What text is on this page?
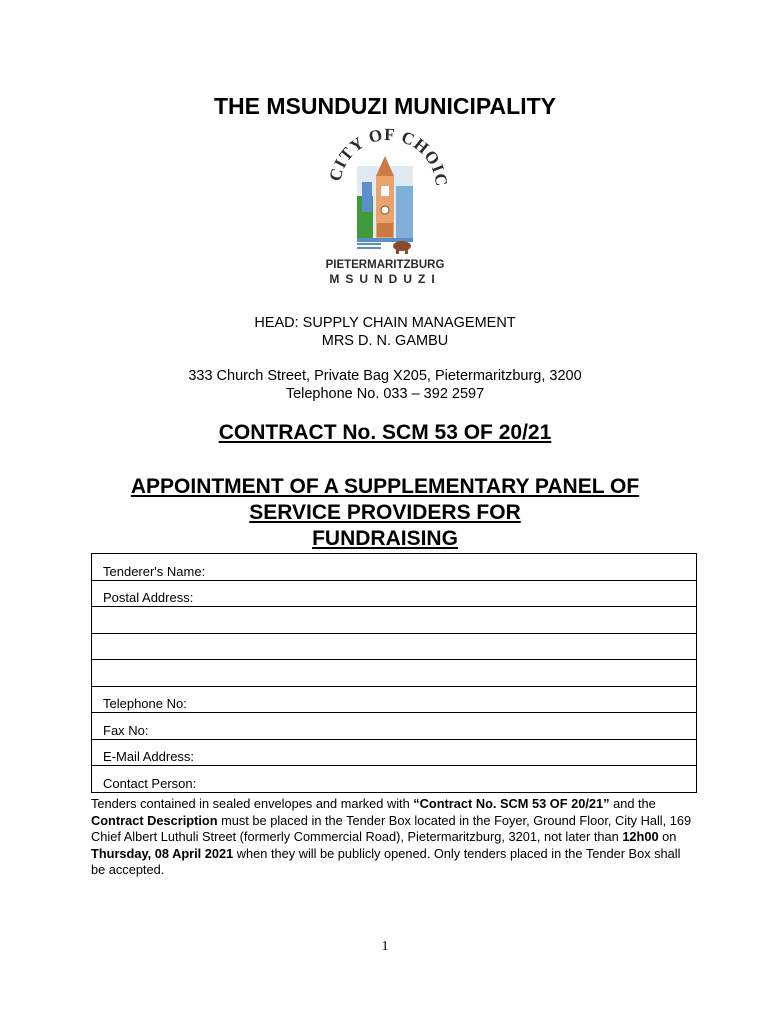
THE MSUNDUZI MUNICIPALITY
CITY OF CHOIC
PIETERMARITZBURG
MSUNDUZI
HEAD: SUPPLY CHAIN MANAGEMENT
MRS D. N. GAMBU
333 Church Street, Private Bag X205, Pietermaritzburg, 3200
Telephone No. 033 – 392 2597
CONTRACT No. SCM 53 OF 20/21
APPOINTMENT OF A SUPPLEMENTARY PANEL OF
SERVICE PROVIDERS FOR
FUNDRAISING
Tenderer's Name:
Postal Address:

Telephone No:
Fax No:
E-Mail Address:
Contact Person:
Tenders contained in sealed envelopes and marked with “Contract No. SCM 53 OF 20/21” and the Contract Description must be placed in the Tender Box located in the Foyer, Ground Floor, City Hall, 169 Chief Albert Luthuli Street (formerly Commercial Road), Pietermaritzburg, 3201, not later than 12h00 on Thursday, 08 April 2021 when they will be publicly opened. Only tenders placed in the Tender Box shall be accepted.
1
